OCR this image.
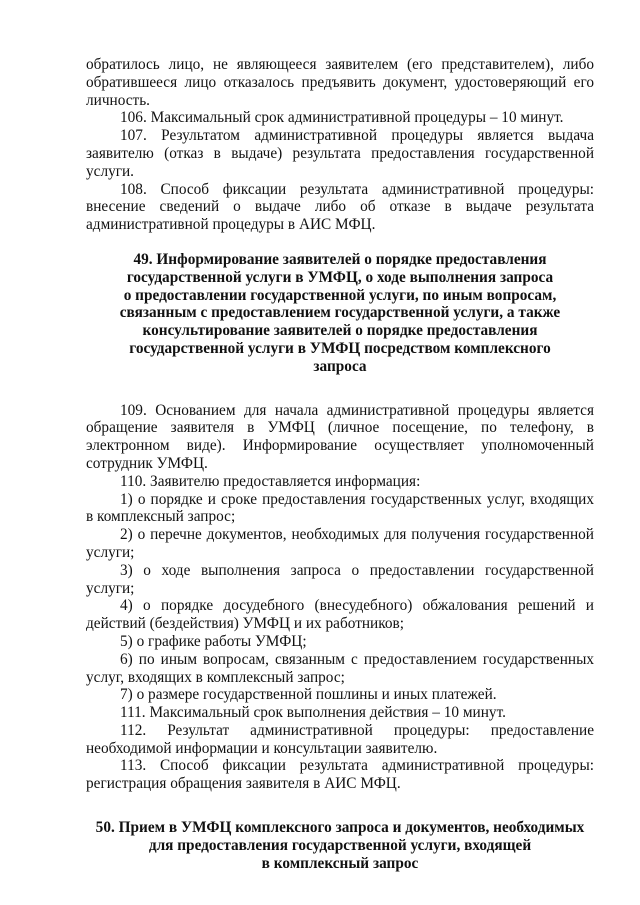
обратилось лицо, не являющееся заявителем (его представителем), либо обратившееся лицо отказалось предъявить документ, удостоверяющий его личность.

106. Максимальный срок административной процедуры – 10 минут.

107. Результатом административной процедуры является выдача заявителю (отказ в выдаче) результата предоставления государственной услуги.

108. Способ фиксации результата административной процедуры: внесение сведений о выдаче либо об отказе в выдаче результата административной процедуры в АИС МФЦ.

49. Информирование заявителей о порядке предоставления
государственной услуги в УМФЦ, о ходе выполнения запроса
о предоставлении государственной услуги, по иным вопросам,
связанным с предоставлением государственной услуги, а также
консультирование заявителей о порядке предоставления
государственной услуги в УМФЦ посредством комплексного
запроса

109. Основанием для начала административной процедуры является обращение заявителя в УМФЦ (личное посещение, по телефону, в электронном виде). Информирование осуществляет уполномоченный сотрудник УМФЦ.

110. Заявителю предоставляется информация:

1) о порядке и сроке предоставления государственных услуг, входящих в комплексный запрос;

2) о перечне документов, необходимых для получения государственной услуги;

3) о ходе выполнения запроса о предоставлении государственной услуги;

4) о порядке досудебного (внесудебного) обжалования решений и действий (бездействия) УМФЦ и их работников;

5) о графике работы УМФЦ;

6) по иным вопросам, связанным с предоставлением государственных услуг, входящих в комплексный запрос;

7) о размере государственной пошлины и иных платежей.

111. Максимальный срок выполнения действия – 10 минут.

112. Результат административной процедуры: предоставление необходимой информации и консультации заявителю.

113. Способ фиксации результата административной процедуры: регистрация обращения заявителя в АИС МФЦ.

50. Прием в УМФЦ комплексного запроса и документов, необходимых
для предоставления государственной услуги, входящей
в комплексный запрос
